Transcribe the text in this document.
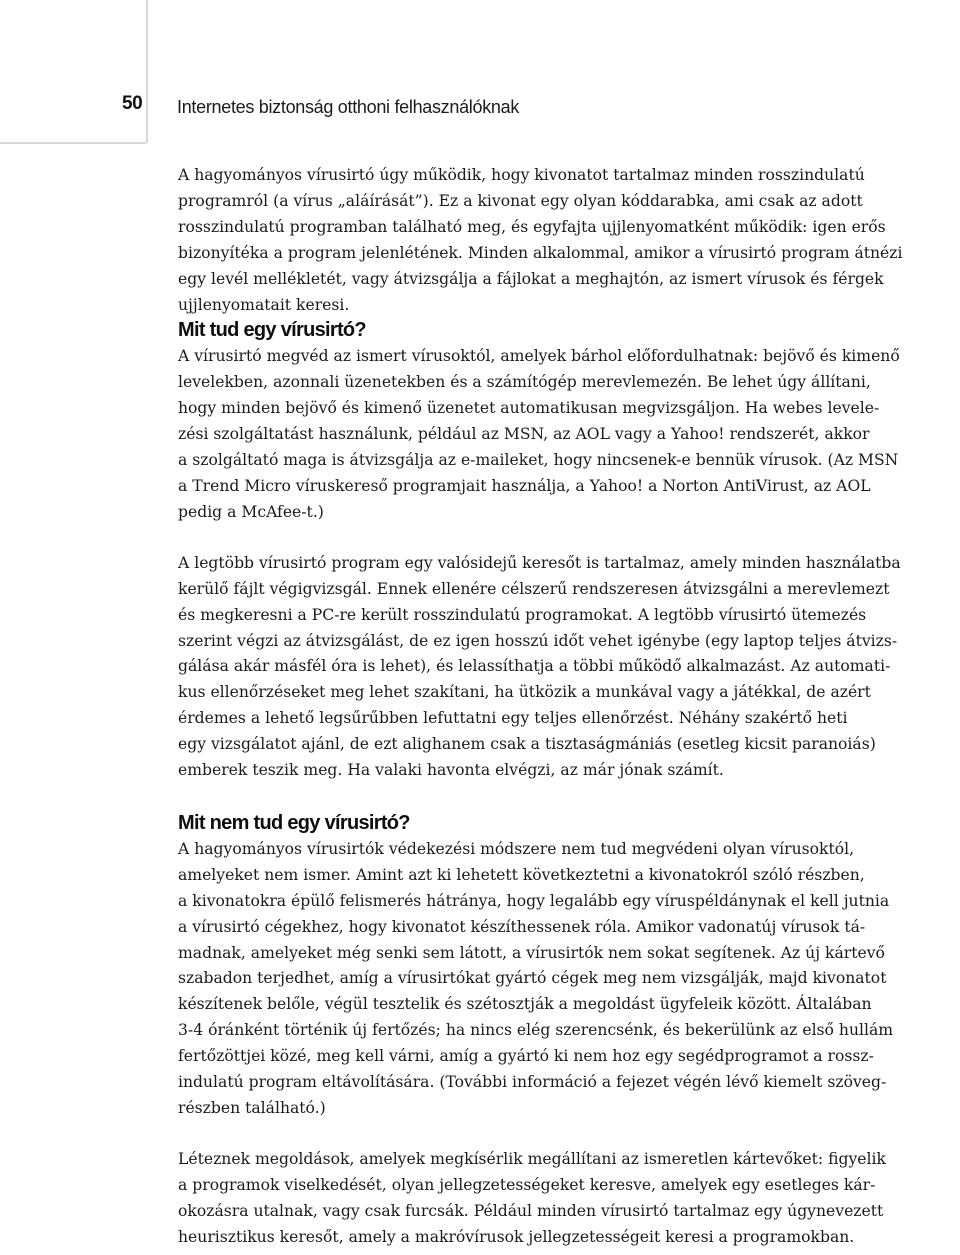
50 Internetes biztonság otthoni felhasználóknak

A hagyományos vírusirtó úgy működik, hogy kivonatot tartalmaz minden rosszindulatú
programról (a vírus „aláírását”). Ez a kivonat egy olyan kóddarabka, ami csak az adott
rosszindulatú programban található meg, és egyfajta ujjlenyomatként működik: igen erős
bizonyítéka a program jelenlétének. Minden alkalommal, amikor a vírusirtó program átnézi
egy levél mellékletét, vagy átvizsgálja a fájlokat a meghajtón, az ismert vírusok és férgek
ujjlenyomatait keresi.

Mit tud egy vírusirtó?

A vírusirtó megvéd az ismert vírusoktól, amelyek bárhol előfordulhatnak: bejövő és kimenő
levelekben, azonnali üzenetekben és a számítógép merevlemezén. Be lehet úgy állítani,
hogy minden bejövő és kimenő üzenetet automatikusan megvizsgáljon. Ha webes levele-
zési szolgáltatást használunk, például az MSN, az AOL vagy a Yahoo! rendszerét, akkor
a szolgáltató maga is átvizsgálja az e-maileket, hogy nincsenek-e bennük vírusok. (Az MSN
a Trend Micro víruskereső programjait használja, a Yahoo! a Norton AntiVirust, az AOL
pedig a McAfee-t.)

A legtöbb vírusirtó program egy valósidejű keresőt is tartalmaz, amely minden használatba
kerülő fájlt végigvizsgál. Ennek ellenére célszerű rendszeresen átvizsgálni a merevlemezt
és megkeresni a PC-re került rosszindulatú programokat. A legtöbb vírusirtó ütemezés
szerint végzi az átvizsgálást, de ez igen hosszú időt vehet igénybe (egy laptop teljes átvizs-
gálása akár másfél óra is lehet), és lelassíthatja a többi működő alkalmazást. Az automati-
kus ellenőrzéseket meg lehet szakítani, ha ütközik a munkával vagy a játékkal, de azért
érdemes a lehető legsűrűbben lefuttatni egy teljes ellenőrzést. Néhány szakértő heti
egy vizsgálatot ajánl, de ezt alighanem csak a tisztaságmániás (esetleg kicsit paranoiás)
emberek teszik meg. Ha valaki havonta elvégzi, az már jónak számít.

Mit nem tud egy vírusirtó?

A hagyományos vírusirtók védekezési módszere nem tud megvédeni olyan vírusoktól,
amelyeket nem ismer. Amint azt ki lehetett következtetni a kivonatokról szóló részben,
a kivonatokra épülő felismerés hátránya, hogy legalább egy víruspéldánynak el kell jutnia
a vírusirtó cégekhez, hogy kivonatot készíthessenek róla. Amikor vadonatúj vírusok tá-
madnak, amelyeket még senki sem látott, a vírusirtók nem sokat segítenek. Az új kártevő
szabadon terjedhet, amíg a vírusirtókat gyártó cégek meg nem vizsgálják, majd kivonatot
készítenek belőle, végül tesztelik és szétosztják a megoldást ügyfeleik között. Általában
3-4 óránként történik új fertőzés; ha nincs elég szerencsénk, és bekerülünk az első hullám
fertőzöttjei közé, meg kell várni, amíg a gyártó ki nem hoz egy segédprogramot a rossz-
indulatú program eltávolítására. (További információ a fejezet végén lévő kiemelt szöveg-
részben található.)

Léteznek megoldások, amelyek megkísérlik megállítani az ismeretlen kártevőket: figyelik
a programok viselkedését, olyan jellegzetességeket keresve, amelyek egy esetleges kár-
okozásra utalnak, vagy csak furcsák. Például minden vírusirtó tartalmaz egy úgynevezett
heurisztikus keresőt, amely a makróvírusok jellegzetességeit keresi a programokban.
